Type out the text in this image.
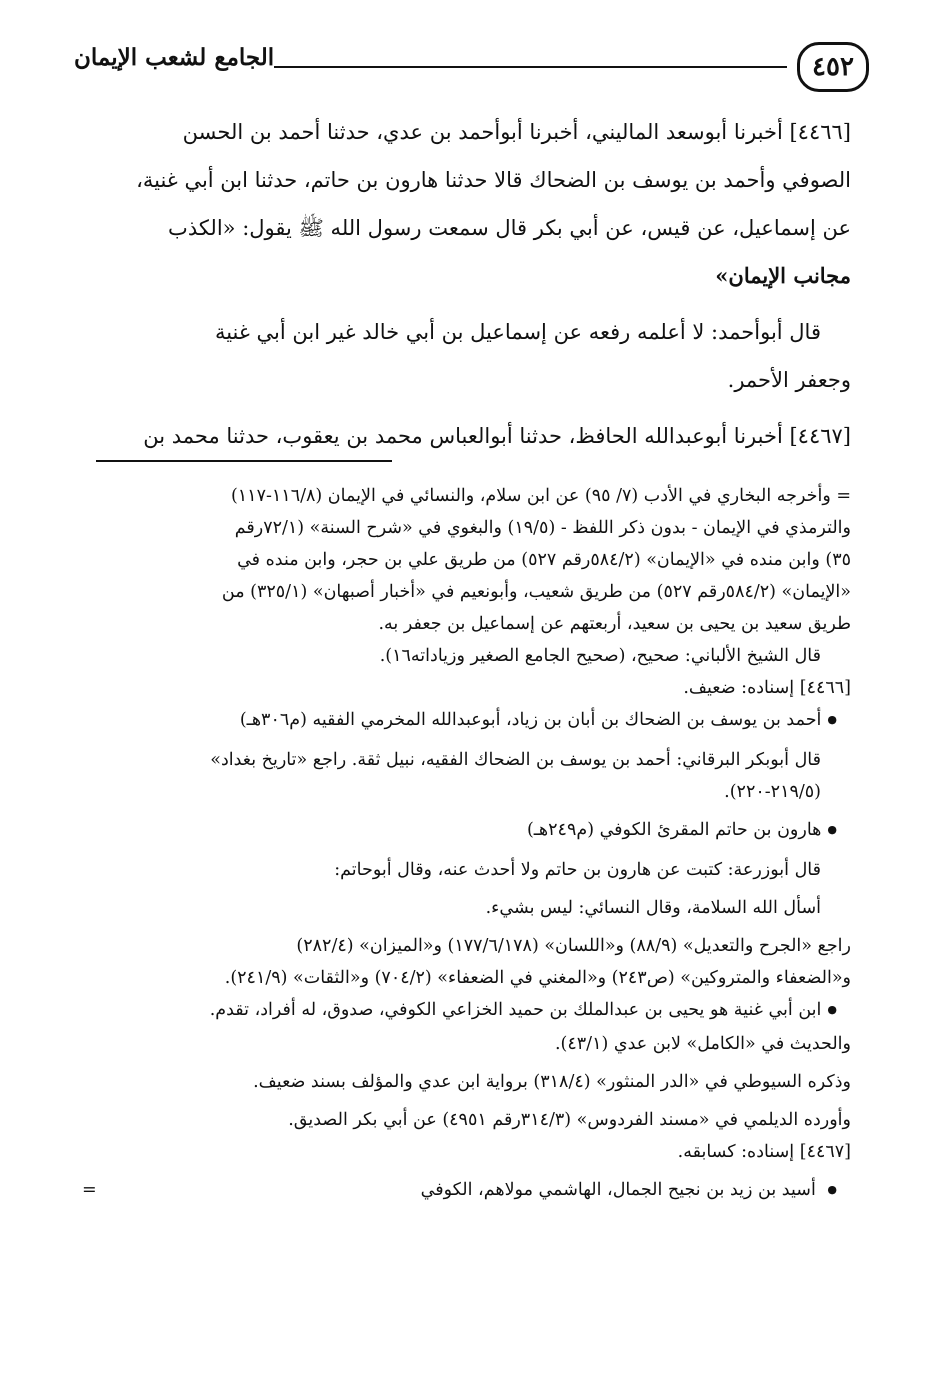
٤٥٢
الجامع لشعب الإيمان

[٤٤٦٦] أخبرنا أبوسعد الماليني، أخبرنا أبوأحمد بن عدي، حدثنا أحمد بن الحسن

الصوفي وأحمد بن يوسف بن الضحاك قالا حدثنا هارون بن حاتم، حدثنا ابن أبي غنية،

عن إسماعيل، عن قيس، عن أبي بكر قال سمعت رسول الله ﷺ يقول: «الكذب

مجانب الإيمان»

قال أبوأحمد: لا أعلمه رفعه عن إسماعيل بن أبي خالد غير ابن أبي غنية

وجعفر الأحمر.

[٤٤٦٧] أخبرنا أبوعبدالله الحافظ، حدثنا أبوالعباس محمد بن يعقوب، حدثنا محمد بن

= وأخرجه البخاري في الأدب (٧/ ٩٥) عن ابن سلام، والنسائي في الإيمان (١١٦/٨-١١٧)

والترمذي في الإيمان - بدون ذكر اللفظ - (١٩/٥) والبغوي في «شرح السنة» (٧٢/١رقم

٣٥) وابن منده في «الإيمان» (٥٨٤/٢رقم ٥٢٧) من طريق علي بن حجر، وابن منده في

«الإيمان» (٥٨٤/٢رقم ٥٢٧) من طريق شعيب، وأبونعيم في «أخبار أصبهان» (٣٢٥/١) من

طريق سعيد بن يحيى بن سعيد، أربعتهم عن إسماعيل بن جعفر به.

قال الشيخ الألباني: صحيح، (صحيح الجامع الصغير وزياداته١٦).

[٤٤٦٦] إسناده: ضعيف.

● أحمد بن يوسف بن الضحاك بن أبان بن زياد، أبوعبدالله المخرمي الفقيه (م٣٠٦هـ)

قال أبوبكر البرقاني: أحمد بن يوسف بن الضحاك الفقيه، نبيل ثقة. راجع «تاريخ بغداد»

(٢١٩/٥-٢٢٠).

● هارون بن حاتم المقرئ الكوفي (م٢٤٩هـ)

قال أبوزرعة: كتبت عن هارون بن حاتم ولا أحدث عنه، وقال أبوحاتم:

أسأل الله السلامة، وقال النسائي: ليس بشيء.

راجع «الجرح والتعديل» (٨٨/٩) و«اللسان» (١٧٧/٦/١٧٨) و«الميزان» (٢٨٢/٤)

و«الضعفاء والمتروكين» (ص٢٤٣) و«المغني في الضعفاء» (٧٠٤/٢) و«الثقات» (٢٤١/٩).

● ابن أبي غنية هو يحيى بن عبدالملك بن حميد الخزاعي الكوفي، صدوق، له أفراد، تقدم.

والحديث في «الكامل» لابن عدي (٤٣/١).

وذكره السيوطي في «الدر المنثور» (٣١٨/٤) برواية ابن عدي والمؤلف بسند ضعيف.

وأورده الديلمي في «مسند الفردوس» (٣١٤/٣رقم ٤٩٥١) عن أبي بكر الصديق.

[٤٤٦٧] إسناده: كسابقه.

● أسيد بن زيد بن نجيح الجمال، الهاشمي مولاهم، الكوفي
=
